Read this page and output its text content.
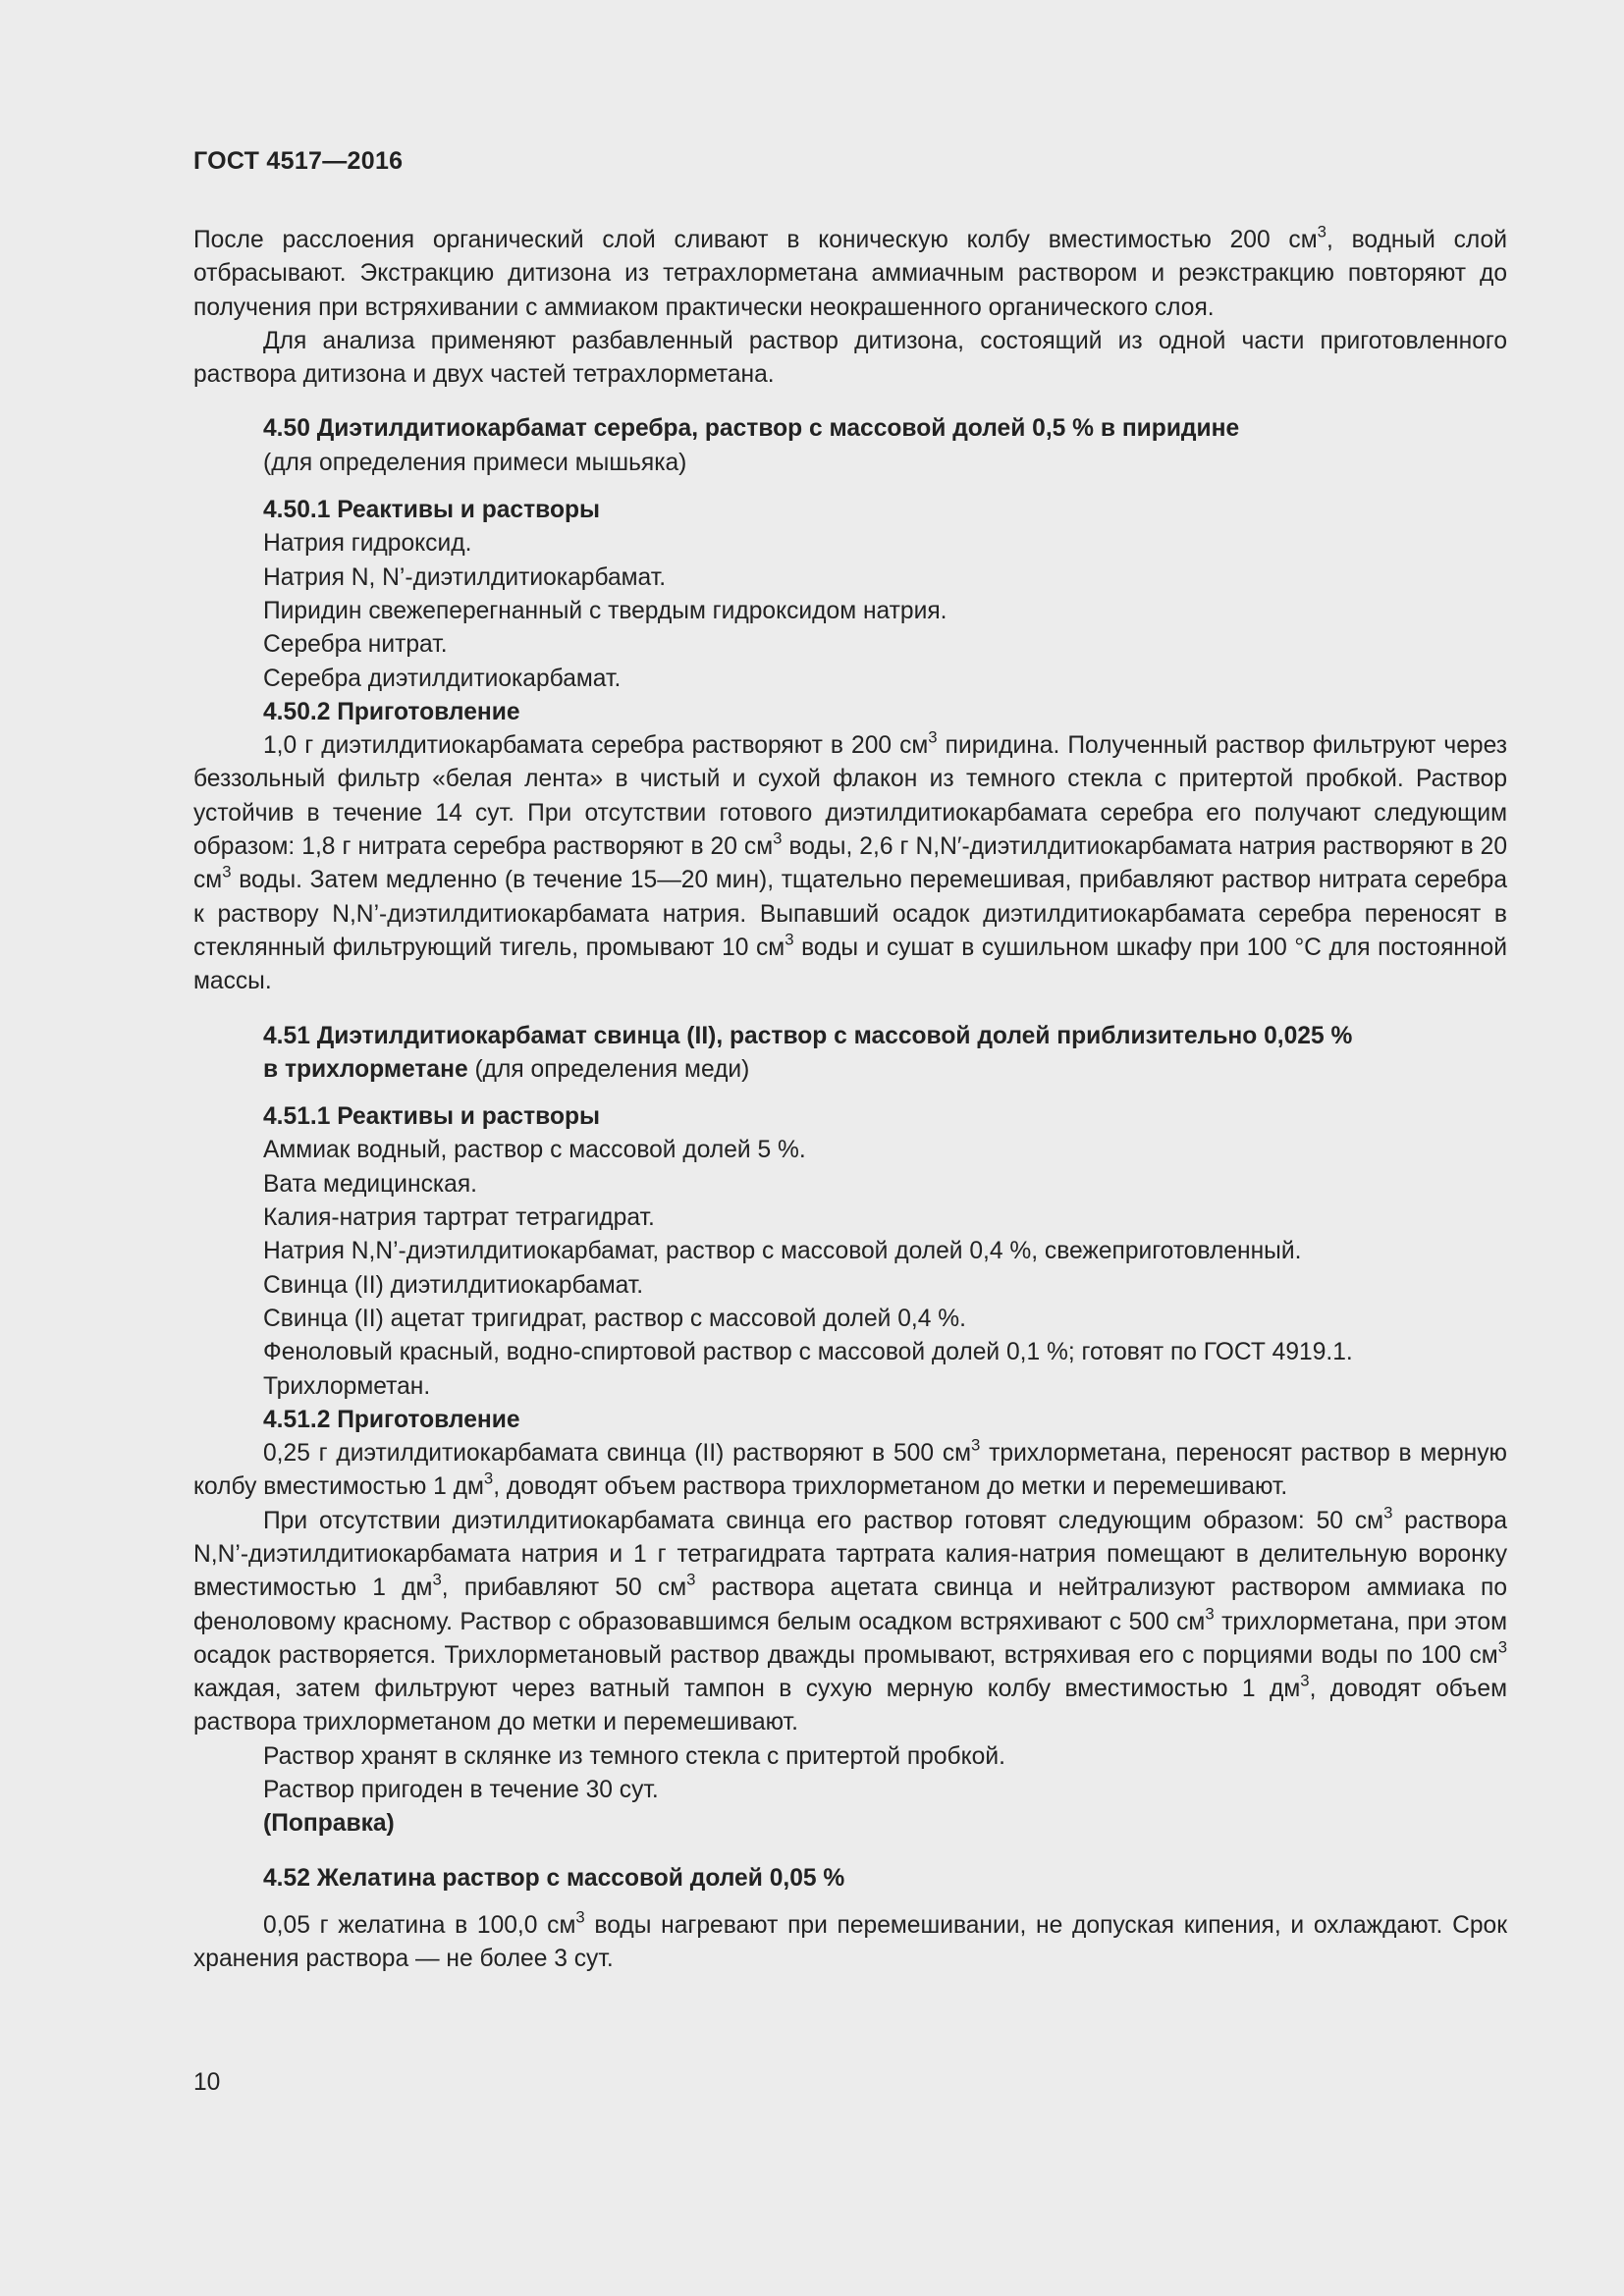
ГОСТ 4517—2016

После расслоения органический слой сливают в коническую колбу вместимостью 200 $см^3$, водный слой отбрасывают. Экстракцию дитизона из тетрахлорметана аммиачным раствором и реэкстракцию повторяют до получения при встряхивании с аммиаком практически неокрашенного органического слоя.

Для анализа применяют разбавленный раствор дитизона, состоящий из одной части приготовленного раствора дитизона и двух частей тетрахлорметана.

4.50 Диэтилдитиокарбамат серебра, раствор с массовой долей 0,5 % в пиридине

(для определения примеси мышьяка)

4.50.1 Реактивы и растворы

Натрия гидроксид.

Натрия N, N’-диэтилдитиокарбамат.

Пиридин свежеперегнанный с твердым гидроксидом натрия.

Серебра нитрат.

Серебра диэтилдитиокарбамат.

4.50.2 Приготовление

1,0 г диэтилдитиокарбамата серебра растворяют в 200 $см^3$ пиридина. Полученный раствор фильтруют через беззольный фильтр «белая лента» в чистый и сухой флакон из темного стекла с притертой пробкой. Раствор устойчив в течение 14 сут. При отсутствии готового диэтилдитиокарбамата серебра его получают следующим образом: 1,8 г нитрата серебра растворяют в 20 $см^3$ воды, 2,6 г N,N′-диэтилдитиокарбамата натрия растворяют в 20 $см^3$ воды. Затем медленно (в течение 15—20 мин), тщательно перемешивая, прибавляют раствор нитрата серебра к раствору N,N’-диэтилдитиокарбамата натрия. Выпавший осадок диэтилдитиокарбамата серебра переносят в стеклянный фильтрующий тигель, промывают 10 $см^3$ воды и сушат в сушильном шкафу при 100 °С для постоянной массы.

4.51 Диэтилдитиокарбамат свинца (II), раствор с массовой долей приблизительно 0,025 %
в трихлорметане (для определения меди)

4.51.1 Реактивы и растворы

Аммиак водный, раствор с массовой долей 5 %.

Вата медицинская.

Калия-натрия тартрат тетрагидрат.

Натрия N,N’-диэтилдитиокарбамат, раствор с массовой долей 0,4 %, свежеприготовленный.

Свинца (II) диэтилдитиокарбамат.

Свинца (II) ацетат тригидрат, раствор с массовой долей 0,4 %.

Феноловый красный, водно-спиртовой раствор с массовой долей 0,1 %; готовят по ГОСТ 4919.1.

Трихлорметан.

4.51.2 Приготовление

0,25 г диэтилдитиокарбамата свинца (II) растворяют в 500 $см^3$ трихлорметана, переносят раствор в мерную колбу вместимостью 1 $дм^3$, доводят объем раствора трихлорметаном до метки и перемешивают.

При отсутствии диэтилдитиокарбамата свинца его раствор готовят следующим образом: 50 $см^3$ раствора N,N’-диэтилдитиокарбамата натрия и 1 г тетрагидрата тартрата калия-натрия помещают в делительную воронку вместимостью 1 $дм^3$, прибавляют 50 $см^3$ раствора ацетата свинца и нейтрализуют раствором аммиака по феноловому красному. Раствор с образовавшимся белым осадком встряхивают с 500 $см^3$ трихлорметана, при этом осадок растворяется. Трихлорметановый раствор дважды промывают, встряхивая его с порциями воды по 100 $см^3$ каждая, затем фильтруют через ватный тампон в сухую мерную колбу вместимостью 1 $дм^3$, доводят объем раствора трихлорметаном до метки и перемешивают.

Раствор хранят в склянке из темного стекла с притертой пробкой.

Раствор пригоден в течение 30 сут.

(Поправка)

4.52 Желатина раствор с массовой долей 0,05 %

0,05 г желатина в 100,0 $см^3$ воды нагревают при перемешивании, не допуская кипения, и охлаждают. Срок хранения раствора — не более 3 сут.

10
